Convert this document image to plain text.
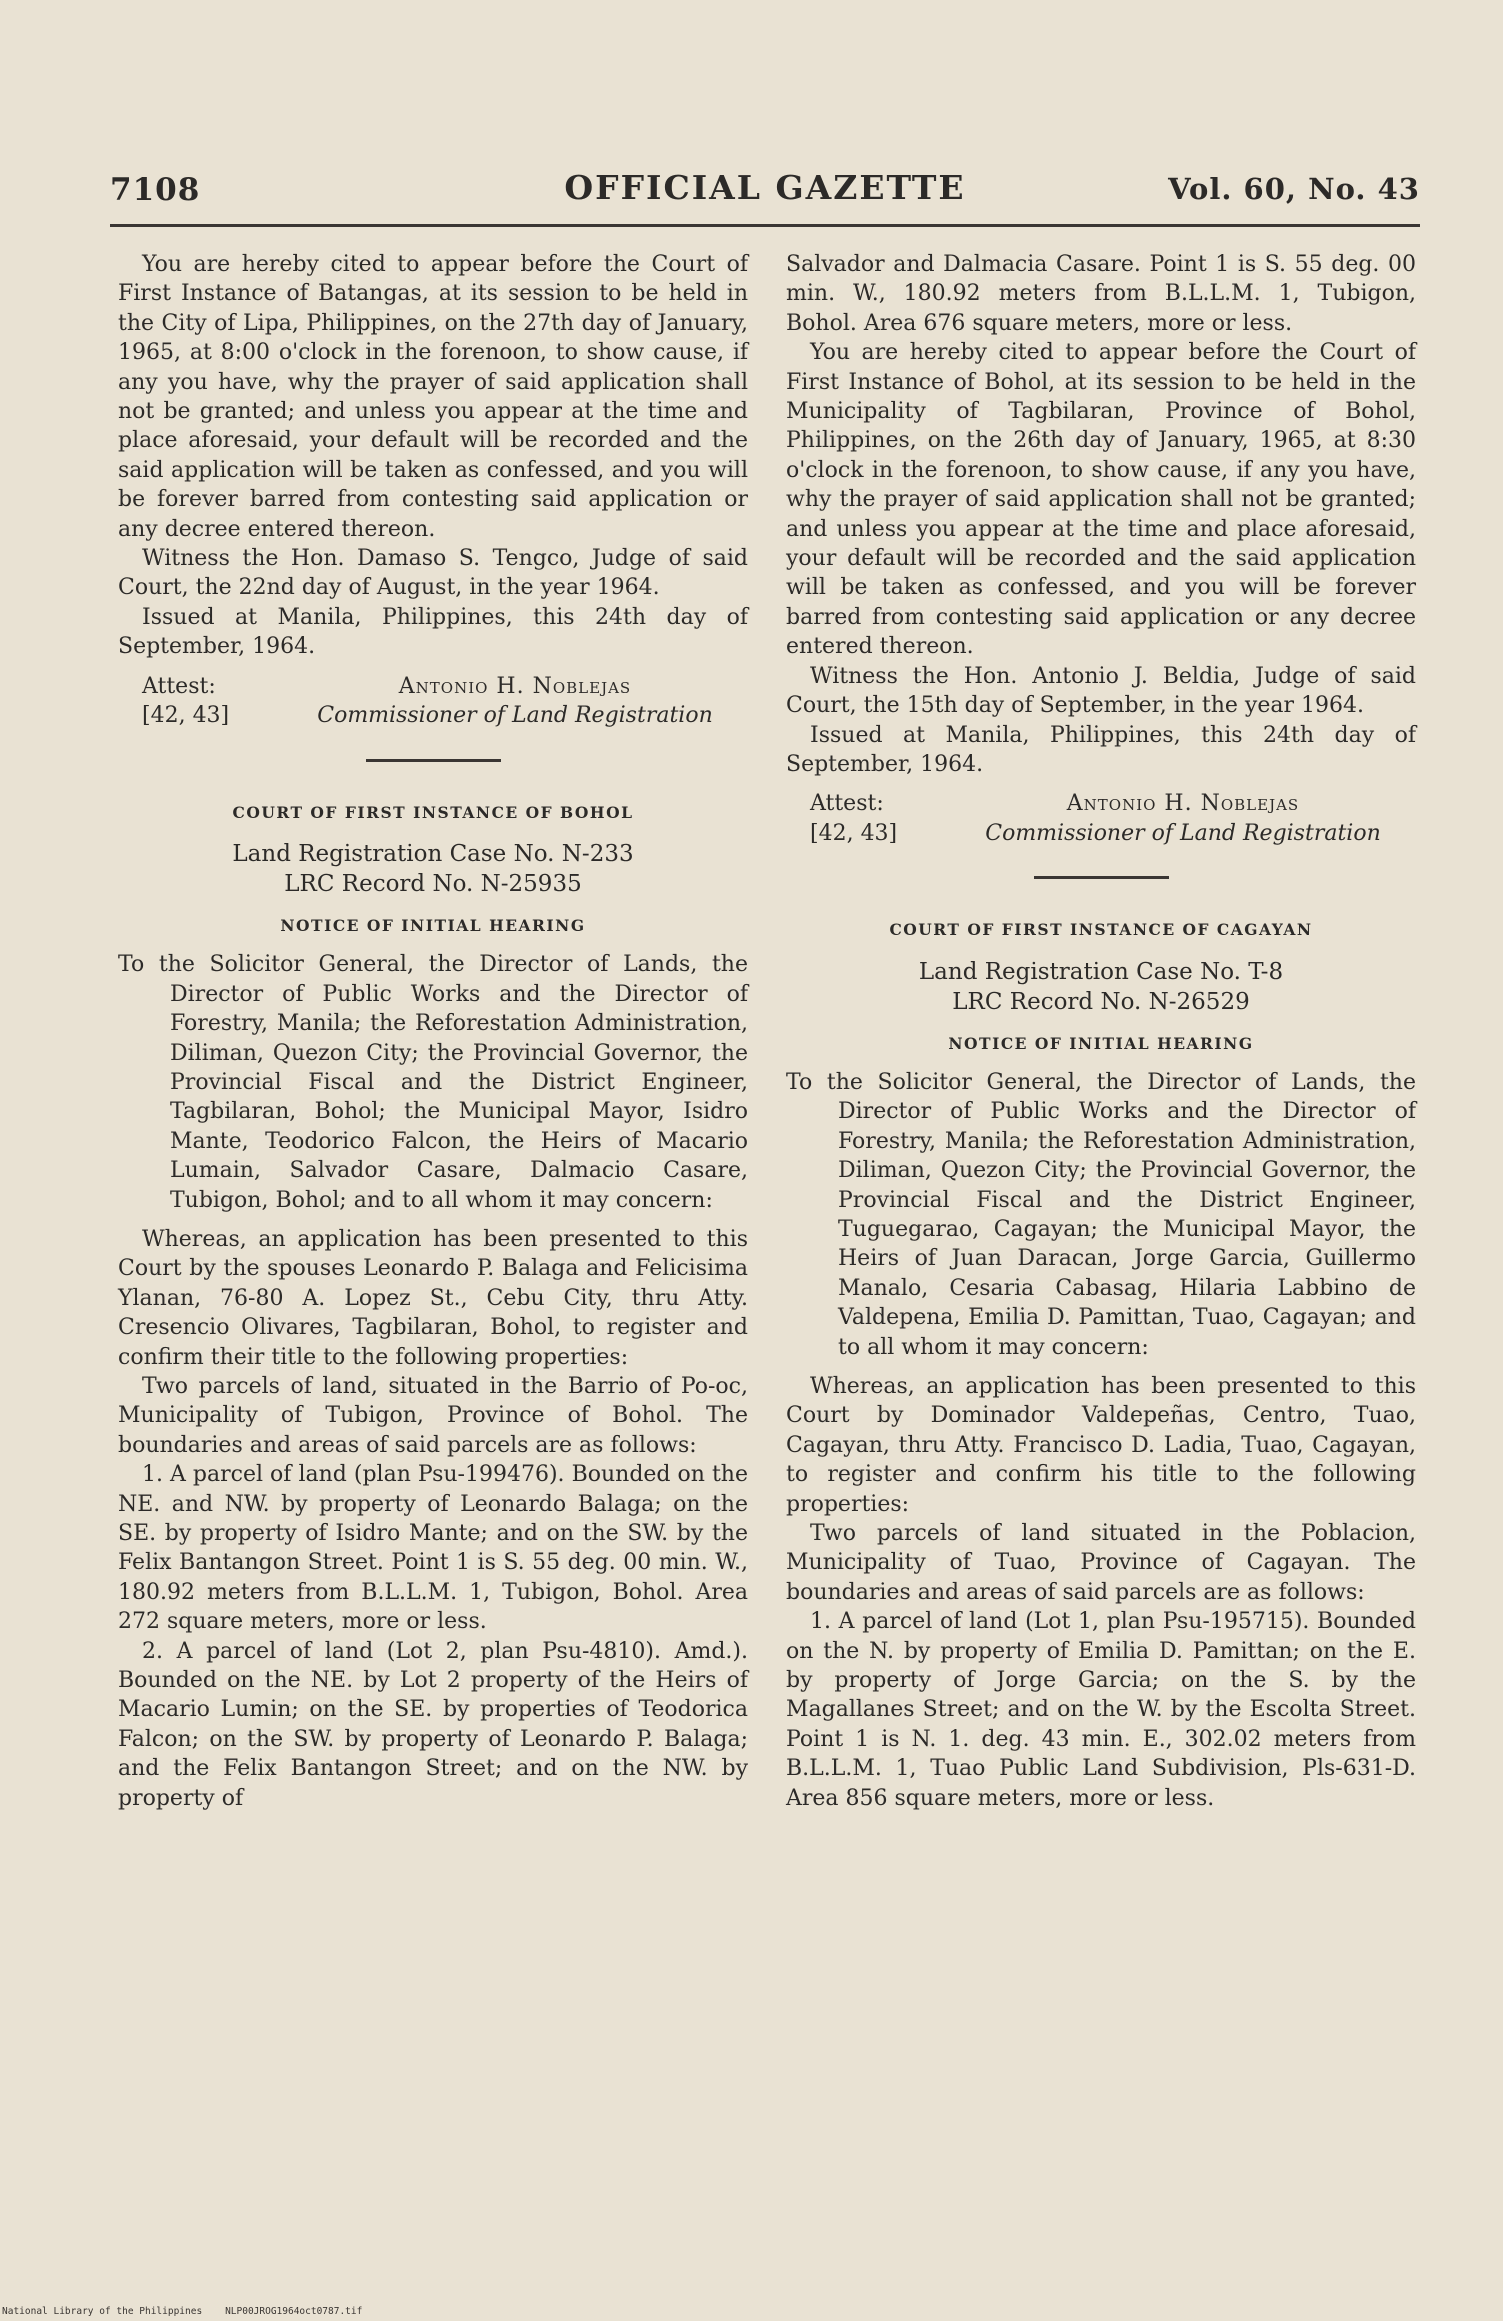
7108	OFFICIAL GAZETTE	Vol. 60, No. 43

You are hereby cited to appear before the Court of First Instance of Batangas, at its session to be held in the City of Lipa, Philippines, on the 27th day of January, 1965, at 8:00 o'clock in the forenoon, to show cause, if any you have, why the prayer of said application shall not be granted; and unless you appear at the time and place aforesaid, your default will be recorded and the said application will be taken as confessed, and you will be forever barred from contesting said application or any decree entered thereon.

Witness the Hon. Damaso S. Tengco, Judge of said Court, the 22nd day of August, in the year 1964.

Issued at Manila, Philippines, this 24th day of September, 1964.

Attest:
[42, 43]
Antonio H. Noblejas
Commissioner of Land Registration
COURT OF FIRST INSTANCE OF BOHOL
Land Registration Case No. N-233
LRC Record No. N-25935
NOTICE OF INITIAL HEARING

To the Solicitor General, the Director of Lands, the Director of Public Works and the Director of Forestry, Manila; the Reforestation Administration, Diliman, Quezon City; the Provincial Governor, the Provincial Fiscal and the District Engineer, Tagbilaran, Bohol; the Municipal Mayor, Isidro Mante, Teodorico Falcon, the Heirs of Macario Lumain, Salvador Casare, Dalmacio Casare, Tubigon, Bohol; and to all whom it may concern:

Whereas, an application has been presented to this Court by the spouses Leonardo P. Balaga and Felicisima Ylanan, 76-80 A. Lopez St., Cebu City, thru Atty. Cresencio Olivares, Tagbilaran, Bohol, to register and confirm their title to the following properties:

Two parcels of land, situated in the Barrio of Po-oc, Municipality of Tubigon, Province of Bohol. The boundaries and areas of said parcels are as follows:

1. A parcel of land (plan Psu-199476). Bounded on the NE. and NW. by property of Leonardo Balaga; on the SE. by property of Isidro Mante; and on the SW. by the Felix Bantangon Street. Point 1 is S. 55 deg. 00 min. W., 180.92 meters from B.L.L.M. 1, Tubigon, Bohol. Area 272 square meters, more or less.

2. A parcel of land (Lot 2, plan Psu-4810). Amd.). Bounded on the NE. by Lot 2 property of the Heirs of Macario Lumin; on the SE. by properties of Teodorica Falcon; on the SW. by property of Leonardo P. Balaga; and the Felix Bantangon Street; and on the NW. by property of

Salvador and Dalmacia Casare. Point 1 is S. 55 deg. 00 min. W., 180.92 meters from B.L.L.M. 1, Tubigon, Bohol. Area 676 square meters, more or less.

You are hereby cited to appear before the Court of First Instance of Bohol, at its session to be held in the Municipality of Tagbilaran, Province of Bohol, Philippines, on the 26th day of January, 1965, at 8:30 o'clock in the forenoon, to show cause, if any you have, why the prayer of said application shall not be granted; and unless you appear at the time and place aforesaid, your default will be recorded and the said application will be taken as confessed, and you will be forever barred from contesting said application or any decree entered thereon.

Witness the Hon. Antonio J. Beldia, Judge of said Court, the 15th day of September, in the year 1964.

Issued at Manila, Philippines, this 24th day of September, 1964.

Attest:
[42, 43]
Antonio H. Noblejas
Commissioner of Land Registration
COURT OF FIRST INSTANCE OF CAGAYAN
Land Registration Case No. T-8
LRC Record No. N-26529
NOTICE OF INITIAL HEARING

To the Solicitor General, the Director of Lands, the Director of Public Works and the Director of Forestry, Manila; the Reforestation Administration, Diliman, Quezon City; the Provincial Governor, the Provincial Fiscal and the District Engineer, Tuguegarao, Cagayan; the Municipal Mayor, the Heirs of Juan Daracan, Jorge Garcia, Guillermo Manalo, Cesaria Cabasag, Hilaria Labbino de Valdepena, Emilia D. Pamittan, Tuao, Cagayan; and to all whom it may concern:

Whereas, an application has been presented to this Court by Dominador Valdepeñas, Centro, Tuao, Cagayan, thru Atty. Francisco D. Ladia, Tuao, Cagayan, to register and confirm his title to the following properties:

Two parcels of land situated in the Poblacion, Municipality of Tuao, Province of Cagayan. The boundaries and areas of said parcels are as follows:

1. A parcel of land (Lot 1, plan Psu-195715). Bounded on the N. by property of Emilia D. Pamittan; on the E. by property of Jorge Garcia; on the S. by the Magallanes Street; and on the W. by the Escolta Street. Point 1 is N. 1. deg. 43 min. E., 302.02 meters from B.L.L.M. 1, Tuao Public Land Subdivision, Pls-631-D. Area 856 square meters, more or less.

National Library of the Philippines NLP00JROG1964oct0787.tif
